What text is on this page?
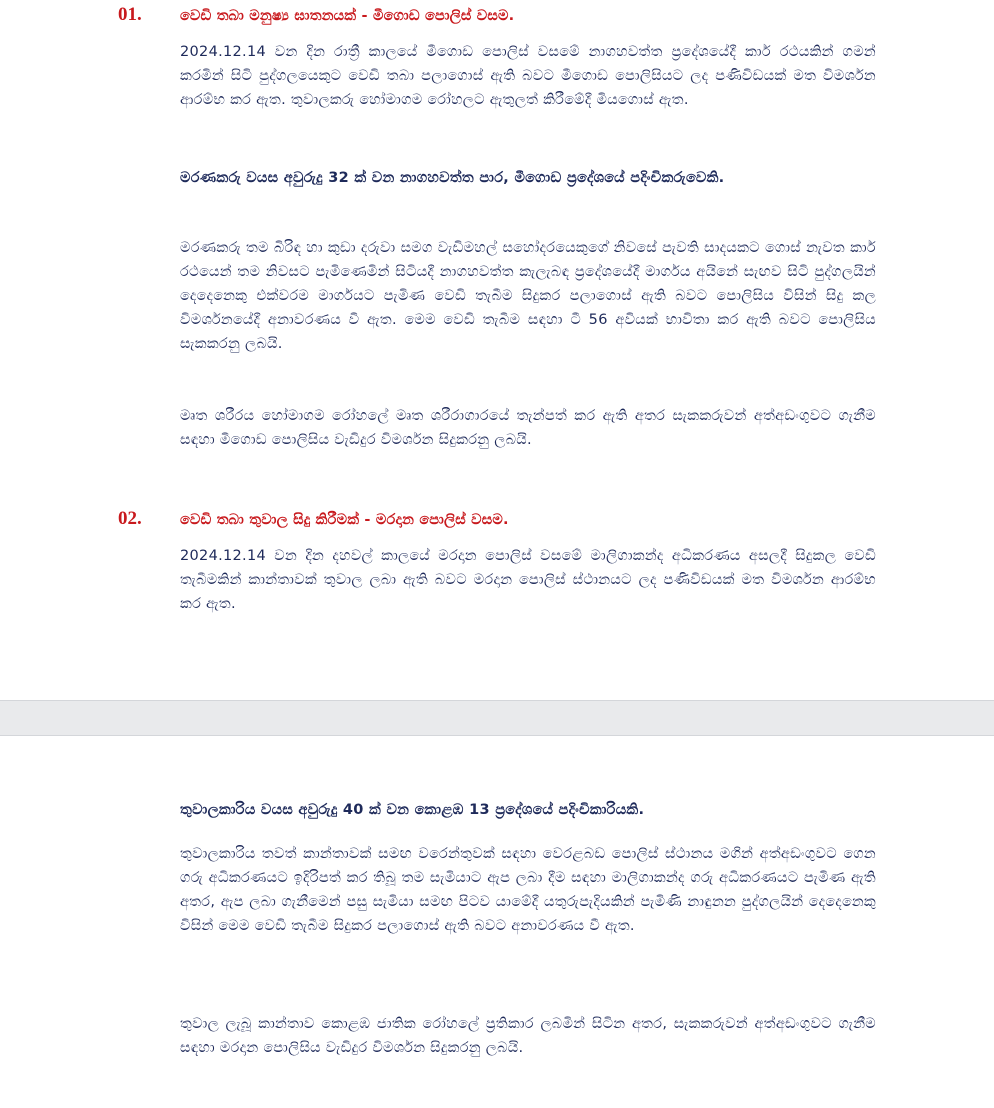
01.	වෙඩි තබා මනුෂ්‍ය ඝාතනයක් - මීගොඩ පොලිස් වසම.

2024.12.14 වන දින රාත්‍රී කාලයේ මීගොඩ පොලිස් වසමේ නාගහවත්ත ප්‍රදේශයේදී කාර් රථයකින් ගමන් කරමින් සිටි පුද්ගලයෙකුට වෙඩි තබා පලාගොස් ඇති බවට මීගොඩ පොලිසියට ලද පණිවිඩයක් මත විමර්ශන ආරම්භ කර ඇත. තුවාලකරු හෝමාගම රෝහලට ඇතුලත් කිරීමේදී මියගොස් ඇත.

මරණකරු වයස අවුරුදු 32 ක් වන නාගහවත්ත පාර, මීගොඩ ප්‍රදේශයේ පදිංචිකරුවෙකි.

මරණකරු තම බිරිඳ හා කුඩා දරුවා සමග වැඩිමහල් සහෝදරයෙකුගේ නිවසේ පැවති සාදයකට ගොස් නැවත කාර් රථයෙන් තම නිවසට පැමිණෙමින් සිටියදී නාගහවත්ත කැලැබඳ ප්‍රදේශයේදී මාර්ගය අයිනේ සැඟව සිටි පුද්ගලයින් දෙදෙනෙකු එක්වරම මාර්ගයට පැමිණ වෙඩි තැබීම සිදුකර පලාගොස් ඇති බවට පොලිසිය විසින් සිදු කල විමර්ශනයේදී අනාවරණය වී ඇත. මෙම වෙඩි තැබීම සඳහා ටී 56 අවියක් භාවිතා කර ඇති බවට පොලිසිය සැකකරනු ලබයි.

මෘත ශරීරය හෝමාගම රෝහලේ මෘත ශරීරාගාරයේ තැන්පත් කර ඇති අතර සැකකරුවන් අත්අඩංගුවට ගැනීම සඳහා මීගොඩ පොලිසිය වැඩිදුර විමර්ශන සිදුකරනු ලබයි.

02.	වෙඩි තබා තුවාල සිදු කිරීමක් - මරදාන පොලිස් වසම.

2024.12.14 වන දින දහවල් කාලයේ මරදාන පොලිස් වසමේ මාලිගාකන්ද අධිකරණය අසලදී සිදුකල වෙඩි තැබීමකින් කාන්තාවක් තුවාල ලබා ඇති බවට මරදාන පොලිස් ස්ථානයට ලද පණිවිඩයක් මත විමර්ශන ආරම්භ කර ඇත.

තුවාලකාරිය වයස අවුරුදු 40 ක් වන කොළඹ 13 ප්‍රදේශයේ පදිංචිකාරියකි.

තුවාලකාරිය තවත් කාන්තාවක් සමඟ වරෙන්තුවක් සඳහා වෙරළබඩ පොලිස් ස්ථානය මගින් අත්අඩංගුවට ගෙන ගරු අධිකරණයට ඉදිරිපත් කර තිබූ තම සැමියාට ඇප ලබා දීම සඳහා මාලිගාකන්ද ගරු අධිකරණයට පැමිණ ඇති අතර, ඇප ලබා ගැනීමෙන් පසු සැමියා සමඟ පිටව යාමේදී යතුරුපැදියකින් පැමිණි නාඳුනන පුද්ගලයින් දෙදෙනෙකු විසින් මෙම වෙඩි තැබීම සිදුකර පලාගොස් ඇති බවට අනාවරණය වී ඇත.

තුවාල ලැබූ කාන්තාව කොළඹ ජාතික රෝහලේ ප්‍රතිකාර ලබමින් සිටින අතර, සැකකරුවන් අත්අඩංගුවට ගැනීම සඳහා මරදාන පොලිසිය වැඩිදුර විමර්ශන සිදුකරනු ලබයි.
